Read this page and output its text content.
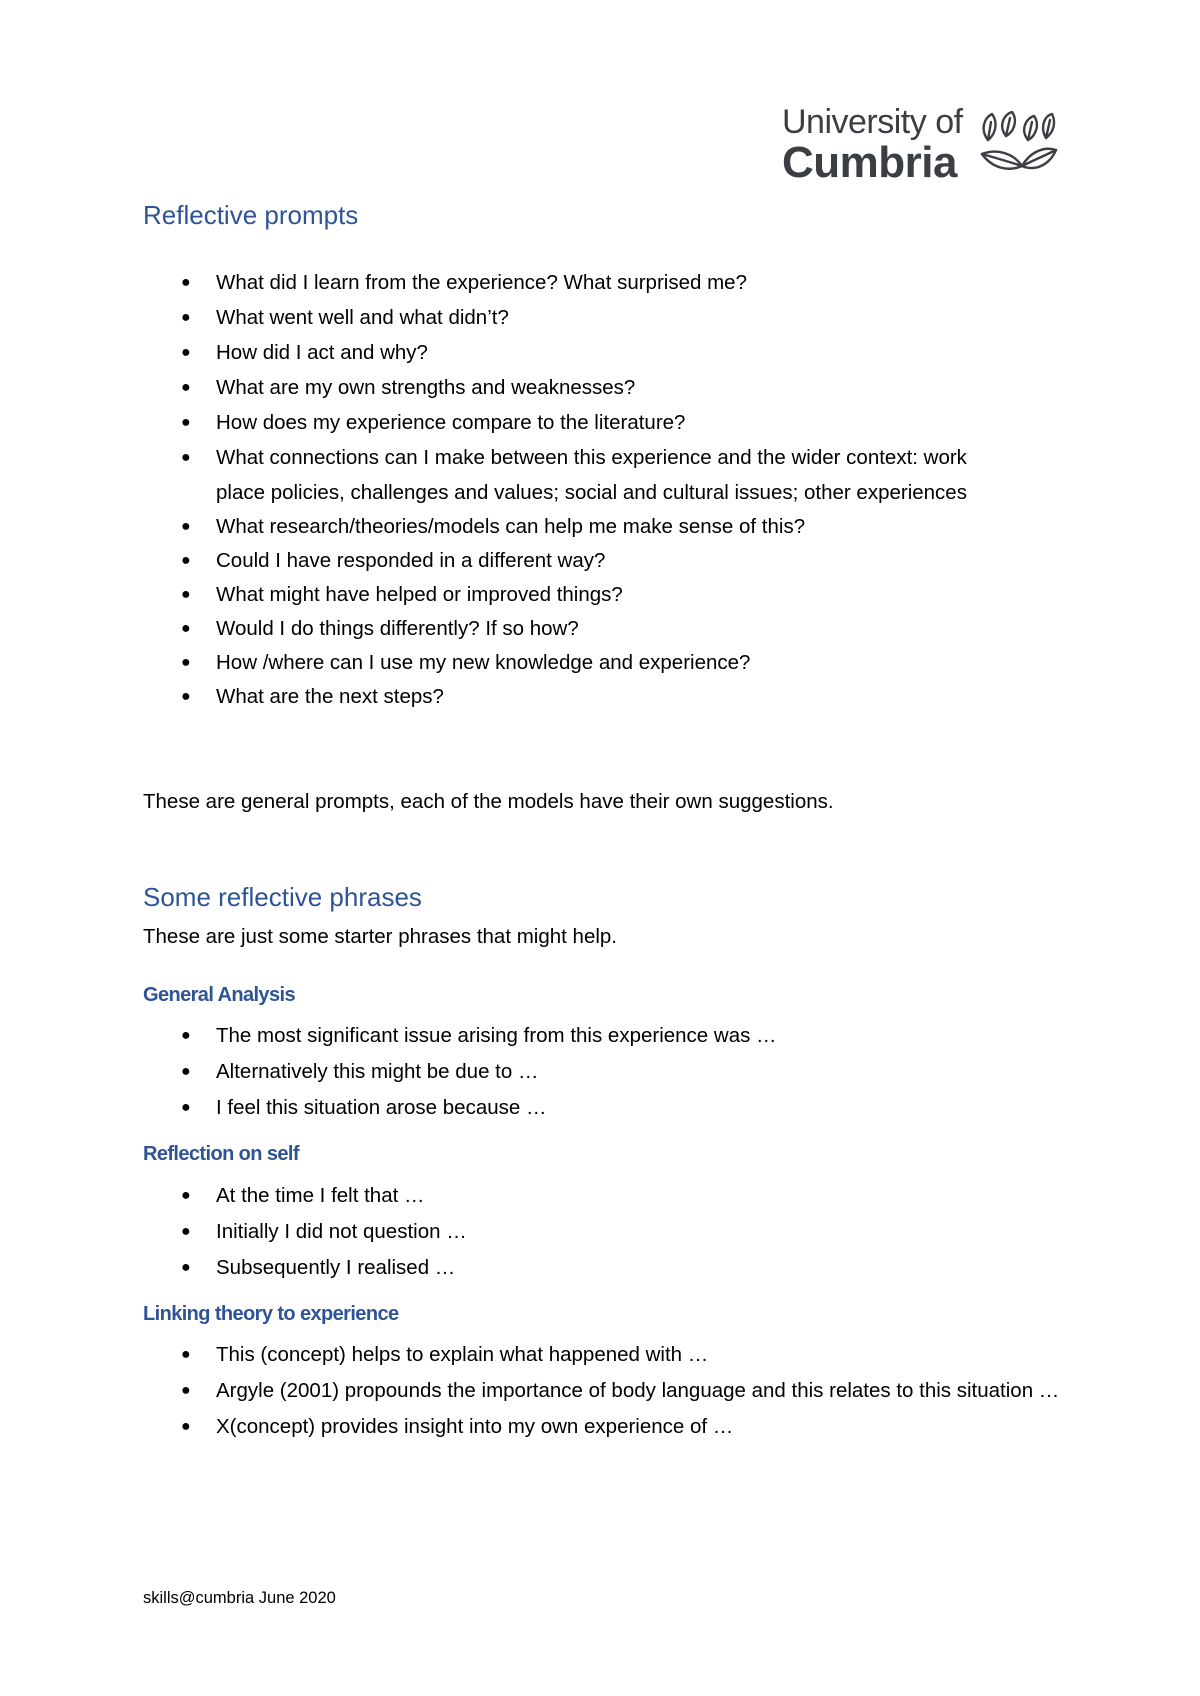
University of
Cumbria
Reflective prompts
● What did I learn from the experience? What surprised me?
● What went well and what didn’t?
● How did I act and why?
● What are my own strengths and weaknesses?
● How does my experience compare to the literature?
● What connections can I make between this experience and the wider context: work place policies, challenges and values; social and cultural issues; other experiences
● What research/theories/models can help me make sense of this?
● Could I have responded in a different way?
● What might have helped or improved things?
● Would I do things differently? If so how?
● How /where can I use my new knowledge and experience?
● What are the next steps?

These are general prompts, each of the models have their own suggestions.

Some reflective phrases

These are just some starter phrases that might help.

General Analysis
● The most significant issue arising from this experience was …
● Alternatively this might be due to …
● I feel this situation arose because …
Reflection on self
● At the time I felt that …
● Initially I did not question …
● Subsequently I realised …
Linking theory to experience
● This (concept) helps to explain what happened with …
● Argyle (2001) propounds the importance of body language and this relates to this situation …
● X(concept) provides insight into my own experience of …
skills@cumbria June 2020
